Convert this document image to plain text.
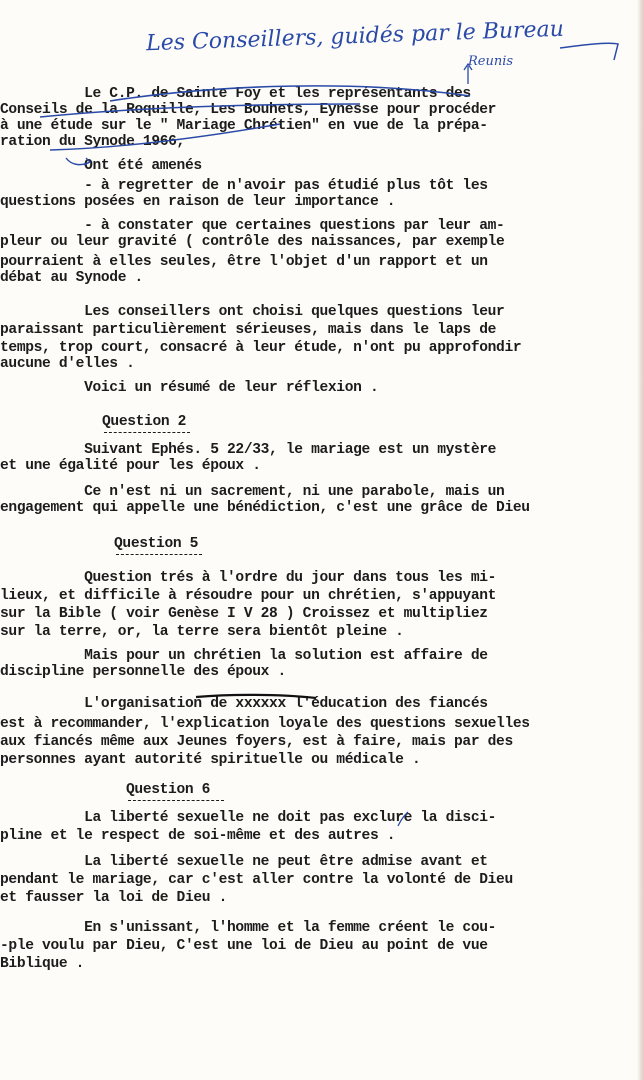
Les Conseillers, guidés par le Bureau
Reunis
Le C.P. de Sainte Foy et les représentants des
Conseils de la Roquille, Les Bouhets, Eynesse pour procéder
à une étude sur le " Mariage Chrétien" en vue de la prépa-
ration du Synode 1966,
Ont été amenés
- à regretter de n'avoir pas étudié plus tôt les
questions posées en raison de leur importance .
- à constater que certaines questions par leur am-
pleur ou leur gravité ( contrôle des naissances, par exemple
pourraient à elles seules, être l'objet d'un rapport et un
débat au Synode .
Les conseillers ont choisi quelques questions leur
paraissant particulièrement sérieuses, mais dans le laps de
temps, trop court, consacré à leur étude, n'ont pu approfondir
aucune d'elles .
Voici un résumé de leur réflexion .
Question 2
Suivant Ephés. 5 22/33, le mariage est un mystère
et une égalité pour les époux .
Ce n'est ni un sacrement, ni une parabole, mais un
engagement qui appelle une bénédiction, c'est une grâce de Dieu
Question 5
Question trés à l'ordre du jour dans tous les mi-
lieux, et difficile à résoudre pour un chrétien, s'appuyant
sur la Bible ( voir Genèse I V 28 ) Croissez et multipliez
sur la terre, or, la terre sera bientôt pleine .
Mais pour un chrétien la solution est affaire de
discipline personnelle des époux .
L'organisation de xxxxxx l'éducation des fiancés
est à recommander, l'explication loyale des questions sexuelles
aux fiancés même aux Jeunes foyers, est à faire, mais par des
personnes ayant autorité spirituelle ou médicale .
Question 6
La liberté sexuelle ne doit pas exclure la disci-
pline et le respect de soi-même et des autres .
La liberté sexuelle ne peut être admise avant et
pendant le mariage, car c'est aller contre la volonté de Dieu
et fausser la loi de Dieu .
En s'unissant, l'homme et la femme créent le cou-
-ple voulu par Dieu, C'est une loi de Dieu au point de vue
Biblique .
